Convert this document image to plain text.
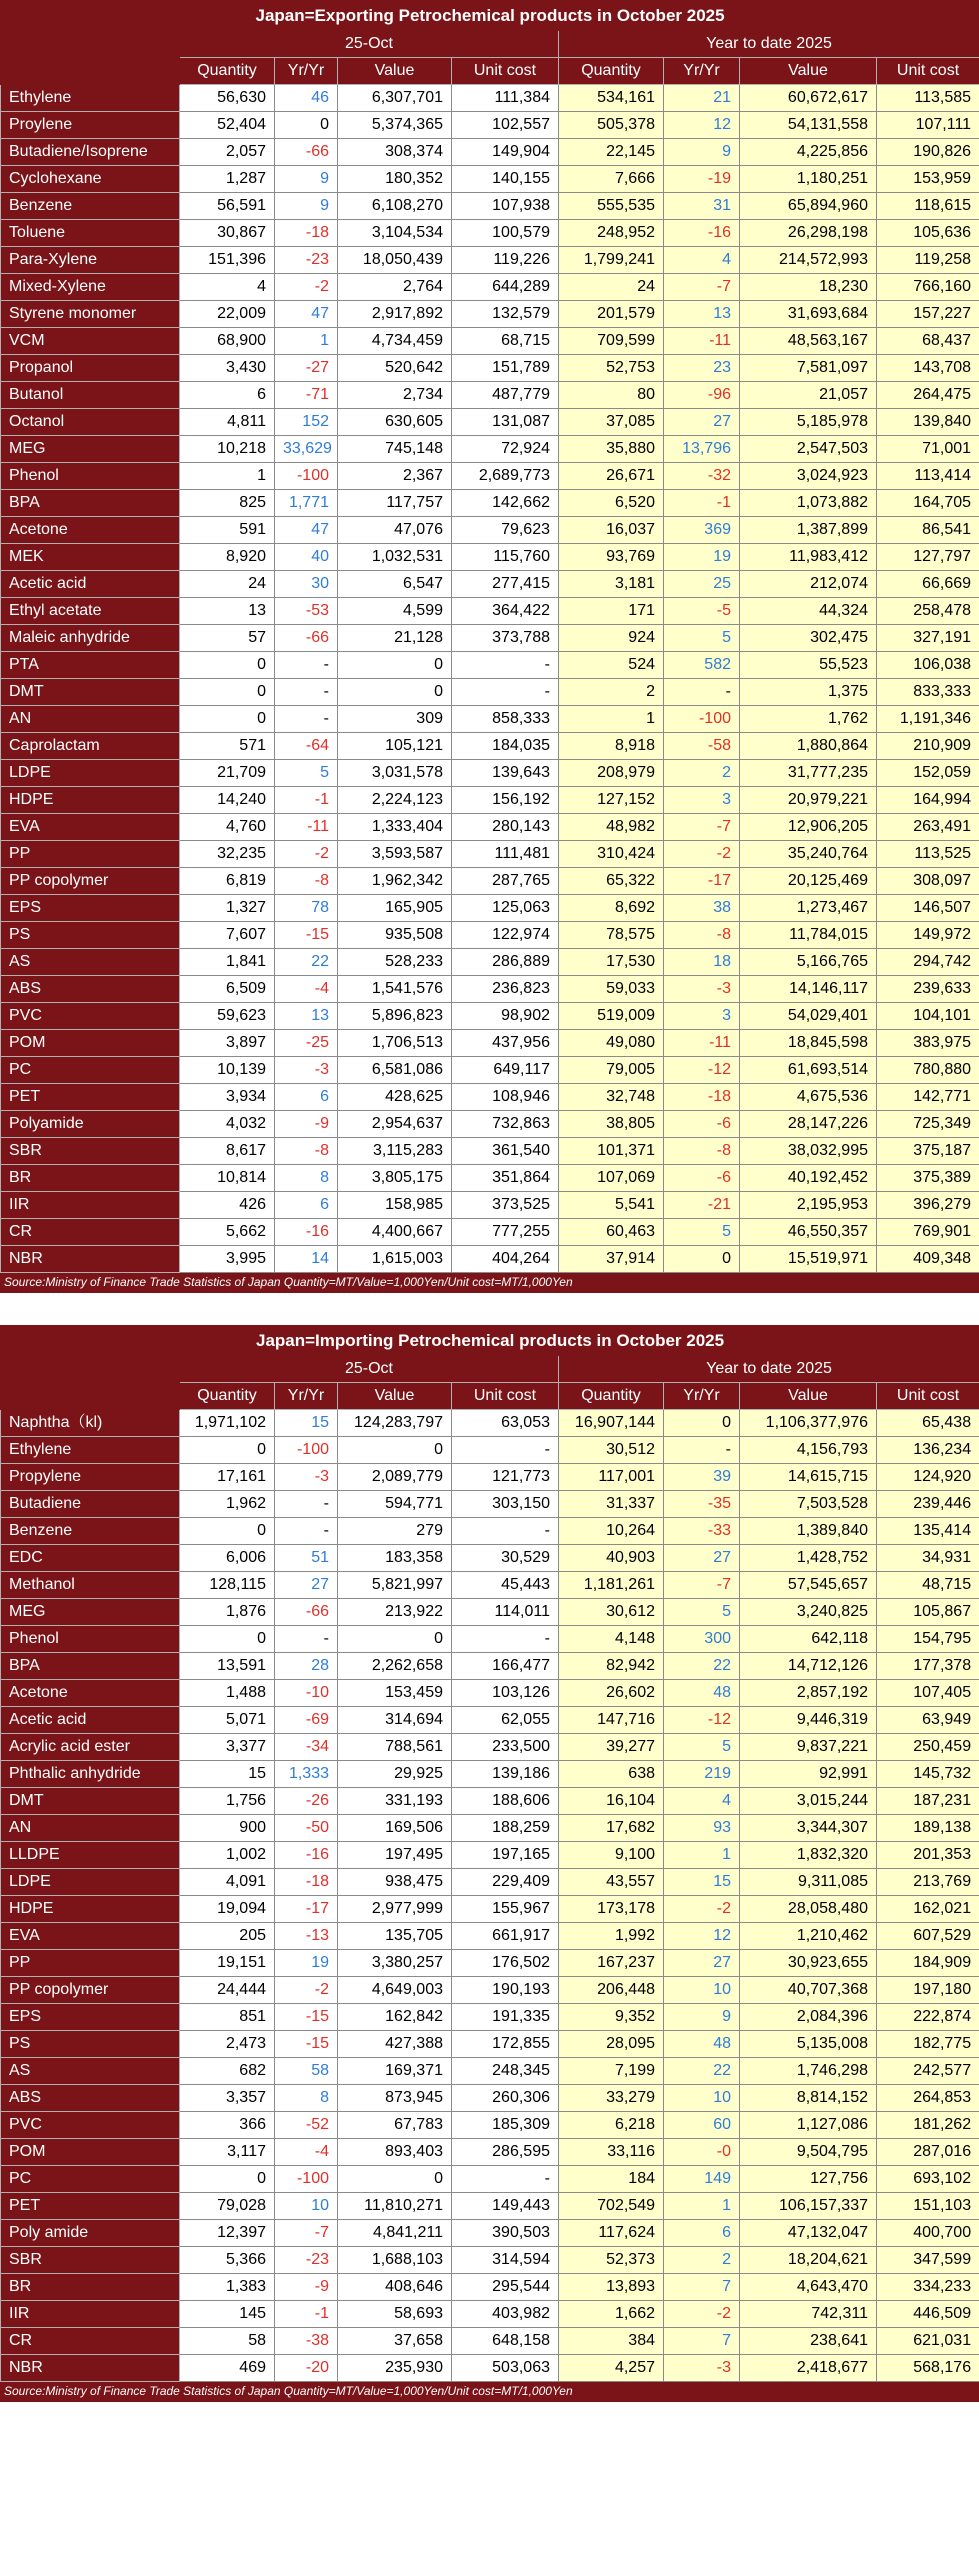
Japan=Exporting Petrochemical products in October 2025								
	25-Oct				Year to date 2025			
	Quantity	Yr/Yr	Value	Unit cost	Quantity	Yr/Yr	Value	Unit cost
Ethylene	56,630	46	6,307,701	111,384	534,161	21	60,672,617	113,585
Proylene	52,404	0	5,374,365	102,557	505,378	12	54,131,558	107,111
Butadiene/Isoprene	2,057	-66	308,374	149,904	22,145	9	4,225,856	190,826
Cyclohexane	1,287	9	180,352	140,155	7,666	-19	1,180,251	153,959
Benzene	56,591	9	6,108,270	107,938	555,535	31	65,894,960	118,615
Toluene	30,867	-18	3,104,534	100,579	248,952	-16	26,298,198	105,636
Para-Xylene	151,396	-23	18,050,439	119,226	1,799,241	4	214,572,993	119,258
Mixed-Xylene	4	-2	2,764	644,289	24	-7	18,230	766,160
Styrene monomer	22,009	47	2,917,892	132,579	201,579	13	31,693,684	157,227
VCM	68,900	1	4,734,459	68,715	709,599	-11	48,563,167	68,437
Propanol	3,430	-27	520,642	151,789	52,753	23	7,581,097	143,708
Butanol	6	-71	2,734	487,779	80	-96	21,057	264,475
Octanol	4,811	152	630,605	131,087	37,085	27	5,185,978	139,840
MEG	10,218	33,629	745,148	72,924	35,880	13,796	2,547,503	71,001
Phenol	1	-100	2,367	2,689,773	26,671	-32	3,024,923	113,414
BPA	825	1,771	117,757	142,662	6,520	-1	1,073,882	164,705
Acetone	591	47	47,076	79,623	16,037	369	1,387,899	86,541
MEK	8,920	40	1,032,531	115,760	93,769	19	11,983,412	127,797
Acetic acid	24	30	6,547	277,415	3,181	25	212,074	66,669
Ethyl acetate	13	-53	4,599	364,422	171	-5	44,324	258,478
Maleic anhydride	57	-66	21,128	373,788	924	5	302,475	327,191
PTA	0	-	0	-	524	582	55,523	106,038
DMT	0	-	0	-	2	-	1,375	833,333
AN	0	-	309	858,333	1	-100	1,762	1,191,346
Caprolactam	571	-64	105,121	184,035	8,918	-58	1,880,864	210,909
LDPE	21,709	5	3,031,578	139,643	208,979	2	31,777,235	152,059
HDPE	14,240	-1	2,224,123	156,192	127,152	3	20,979,221	164,994
EVA	4,760	-11	1,333,404	280,143	48,982	-7	12,906,205	263,491
PP	32,235	-2	3,593,587	111,481	310,424	-2	35,240,764	113,525
PP copolymer	6,819	-8	1,962,342	287,765	65,322	-17	20,125,469	308,097
EPS	1,327	78	165,905	125,063	8,692	38	1,273,467	146,507
PS	7,607	-15	935,508	122,974	78,575	-8	11,784,015	149,972
AS	1,841	22	528,233	286,889	17,530	18	5,166,765	294,742
ABS	6,509	-4	1,541,576	236,823	59,033	-3	14,146,117	239,633
PVC	59,623	13	5,896,823	98,902	519,009	3	54,029,401	104,101
POM	3,897	-25	1,706,513	437,956	49,080	-11	18,845,598	383,975
PC	10,139	-3	6,581,086	649,117	79,005	-12	61,693,514	780,880
PET	3,934	6	428,625	108,946	32,748	-18	4,675,536	142,771
Polyamide	4,032	-9	2,954,637	732,863	38,805	-6	28,147,226	725,349
SBR	8,617	-8	3,115,283	361,540	101,371	-8	38,032,995	375,187
BR	10,814	8	3,805,175	351,864	107,069	-6	40,192,452	375,389
IIR	426	6	158,985	373,525	5,541	-21	2,195,953	396,279
CR	5,662	-16	4,400,667	777,255	60,463	5	46,550,357	769,901
NBR	3,995	14	1,615,003	404,264	37,914	0	15,519,971	409,348
Source:Ministry of Finance Trade Statistics of Japan Quantity=MT/Value=1,000Yen/Unit cost=MT/1,000Yen								
Japan=Importing Petrochemical products in October 2025								
	25-Oct				Year to date 2025			
	Quantity	Yr/Yr	Value	Unit cost	Quantity	Yr/Yr	Value	Unit cost
Naphtha（kl)	1,971,102	15	124,283,797	63,053	16,907,144	0	1,106,377,976	65,438
Ethylene	0	-100	0	-	30,512	-	4,156,793	136,234
Propylene	17,161	-3	2,089,779	121,773	117,001	39	14,615,715	124,920
Butadiene	1,962	-	594,771	303,150	31,337	-35	7,503,528	239,446
Benzene	0	-	279	-	10,264	-33	1,389,840	135,414
EDC	6,006	51	183,358	30,529	40,903	27	1,428,752	34,931
Methanol	128,115	27	5,821,997	45,443	1,181,261	-7	57,545,657	48,715
MEG	1,876	-66	213,922	114,011	30,612	5	3,240,825	105,867
Phenol	0	-	0	-	4,148	300	642,118	154,795
BPA	13,591	28	2,262,658	166,477	82,942	22	14,712,126	177,378
Acetone	1,488	-10	153,459	103,126	26,602	48	2,857,192	107,405
Acetic acid	5,071	-69	314,694	62,055	147,716	-12	9,446,319	63,949
Acrylic acid ester	3,377	-34	788,561	233,500	39,277	5	9,837,221	250,459
Phthalic anhydride	15	1,333	29,925	139,186	638	219	92,991	145,732
DMT	1,756	-26	331,193	188,606	16,104	4	3,015,244	187,231
AN	900	-50	169,506	188,259	17,682	93	3,344,307	189,138
LLDPE	1,002	-16	197,495	197,165	9,100	1	1,832,320	201,353
LDPE	4,091	-18	938,475	229,409	43,557	15	9,311,085	213,769
HDPE	19,094	-17	2,977,999	155,967	173,178	-2	28,058,480	162,021
EVA	205	-13	135,705	661,917	1,992	12	1,210,462	607,529
PP	19,151	19	3,380,257	176,502	167,237	27	30,923,655	184,909
PP copolymer	24,444	-2	4,649,003	190,193	206,448	10	40,707,368	197,180
EPS	851	-15	162,842	191,335	9,352	9	2,084,396	222,874
PS	2,473	-15	427,388	172,855	28,095	48	5,135,008	182,775
AS	682	58	169,371	248,345	7,199	22	1,746,298	242,577
ABS	3,357	8	873,945	260,306	33,279	10	8,814,152	264,853
PVC	366	-52	67,783	185,309	6,218	60	1,127,086	181,262
POM	3,117	-4	893,403	286,595	33,116	-0	9,504,795	287,016
PC	0	-100	0	-	184	149	127,756	693,102
PET	79,028	10	11,810,271	149,443	702,549	1	106,157,337	151,103
Poly amide	12,397	-7	4,841,211	390,503	117,624	6	47,132,047	400,700
SBR	5,366	-23	1,688,103	314,594	52,373	2	18,204,621	347,599
BR	1,383	-9	408,646	295,544	13,893	7	4,643,470	334,233
IIR	145	-1	58,693	403,982	1,662	-2	742,311	446,509
CR	58	-38	37,658	648,158	384	7	238,641	621,031
NBR	469	-20	235,930	503,063	4,257	-3	2,418,677	568,176
Source:Ministry of Finance Trade Statistics of Japan Quantity=MT/Value=1,000Yen/Unit cost=MT/1,000Yen								
